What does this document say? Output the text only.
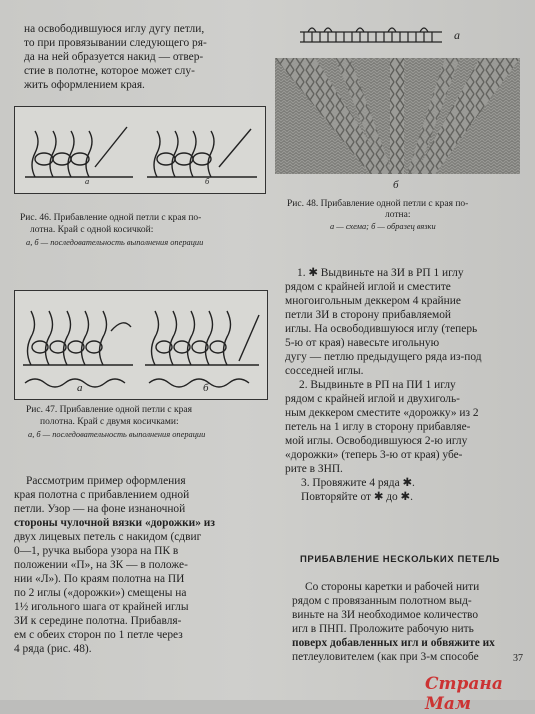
на освободившуюся иглу дугу петли,
то при провязывании следующего ря-
да на ней образуется накид — отвер-
стие в полотне, которое может слу-
жить оформлением края.
а	б
Рис. 46. Прибавление одной петли с края по-
лотна. Край с одной косичкой:
а, б — последовательность выполнения операции
а	б
Рис. 47. Прибавление одной петли с края
полотна. Край с двумя косичками:
а, б — последовательность выполнения операции
Рассмотрим пример оформления
края полотна с прибавлением одной
петли. Узор — на фоне изнаночной
стороны чулочной вязки «дорожки» из
двух лицевых петель с накидом (сдвиг
0—1, ручка выбора узора на ПК в
положении «П», на ЗК — в положе-
нии «Л»). По краям полотна на ПИ
по 2 иглы («дорожки») смещены на
1½ игольного шага от крайней иглы
ЗИ к середине полотна. Прибавля-
ем с обеих сторон по 1 петле через
4 ряда (рис. 48).
а
б
Рис. 48. Прибавление одной петли с края по-
лотна:
а — схема; б — образец вязки
1. ✱ Выдвиньте на ЗИ в РП 1 иглу
рядом с крайней иглой и сместите
многоигольным деккером 4 крайние
петли ЗИ в сторону прибавляемой
иглы. На освободившуюся иглу (теперь
5-ю от края) навесьте игольную
дугу — петлю предыдущего ряда из-под
сосседней иглы.
2. Выдвиньте в РП на ПИ 1 иглу
рядом с крайней иглой и двухиголь-
ным деккером сместите «дорожку» из 2
петель на 1 иглу в сторону прибавляе-
мой иглы. Освободившуюся 2-ю иглу
«дорожки» (теперь 3-ю от края) убе-
рите в ЗНП.
3. Провяжите 4 ряда ✱.
Повторяйте от ✱ до ✱.
ПРИБАВЛЕНИЕ НЕСКОЛЬКИХ ПЕТЕЛЬ
Со стороны каретки и рабочей нити
рядом с провязанным полотном выд-
виньте на ЗИ необходимое количество
игл в ПНП. Проложите рабочую нить
поверх добавленных игл и обвяжите их
петлеуловителем (как при 3-м способе	37
Страна Мам
